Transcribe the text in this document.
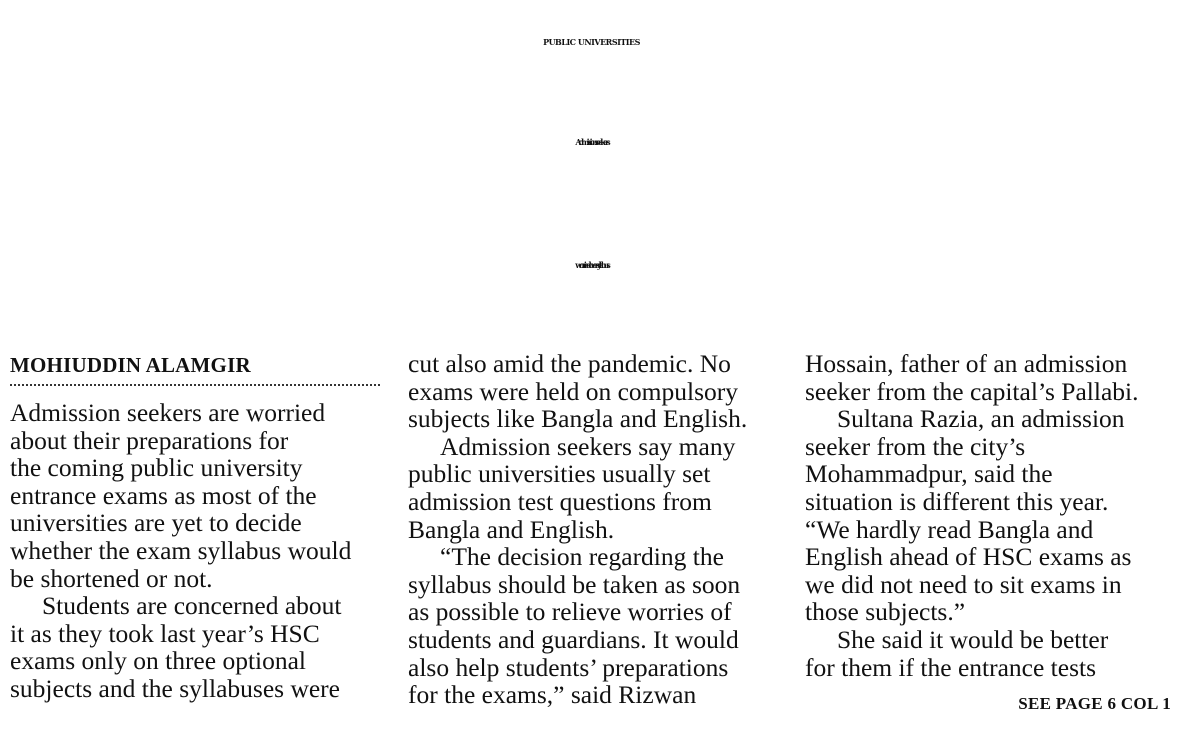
PUBLIC UNIVERSITIES
Admission seekers
worried over syllabus
MOHIUDDIN ALAMGIR
Admission seekers are worried
about their preparations for
the coming public university
entrance exams as most of the
universities are yet to decide
whether the exam syllabus would
be shortened or not.
Students are concerned about
it as they took last year’s HSC
exams only on three optional
subjects and the syllabuses were
cut also amid the pandemic. No
exams were held on compulsory
subjects like Bangla and English.
Admission seekers say many
public universities usually set
admission test questions from
Bangla and English.
“The decision regarding the
syllabus should be taken as soon
as possible to relieve worries of
students and guardians. It would
also help students’ preparations
for the exams,” said Rizwan
Hossain, father of an admission
seeker from the capital’s Pallabi.
Sultana Razia, an admission
seeker from the city’s
Mohammadpur, said the
situation is different this year.
“We hardly read Bangla and
English ahead of HSC exams as
we did not need to sit exams in
those subjects.”
She said it would be better
for them if the entrance tests
SEE PAGE 6 COL 1
